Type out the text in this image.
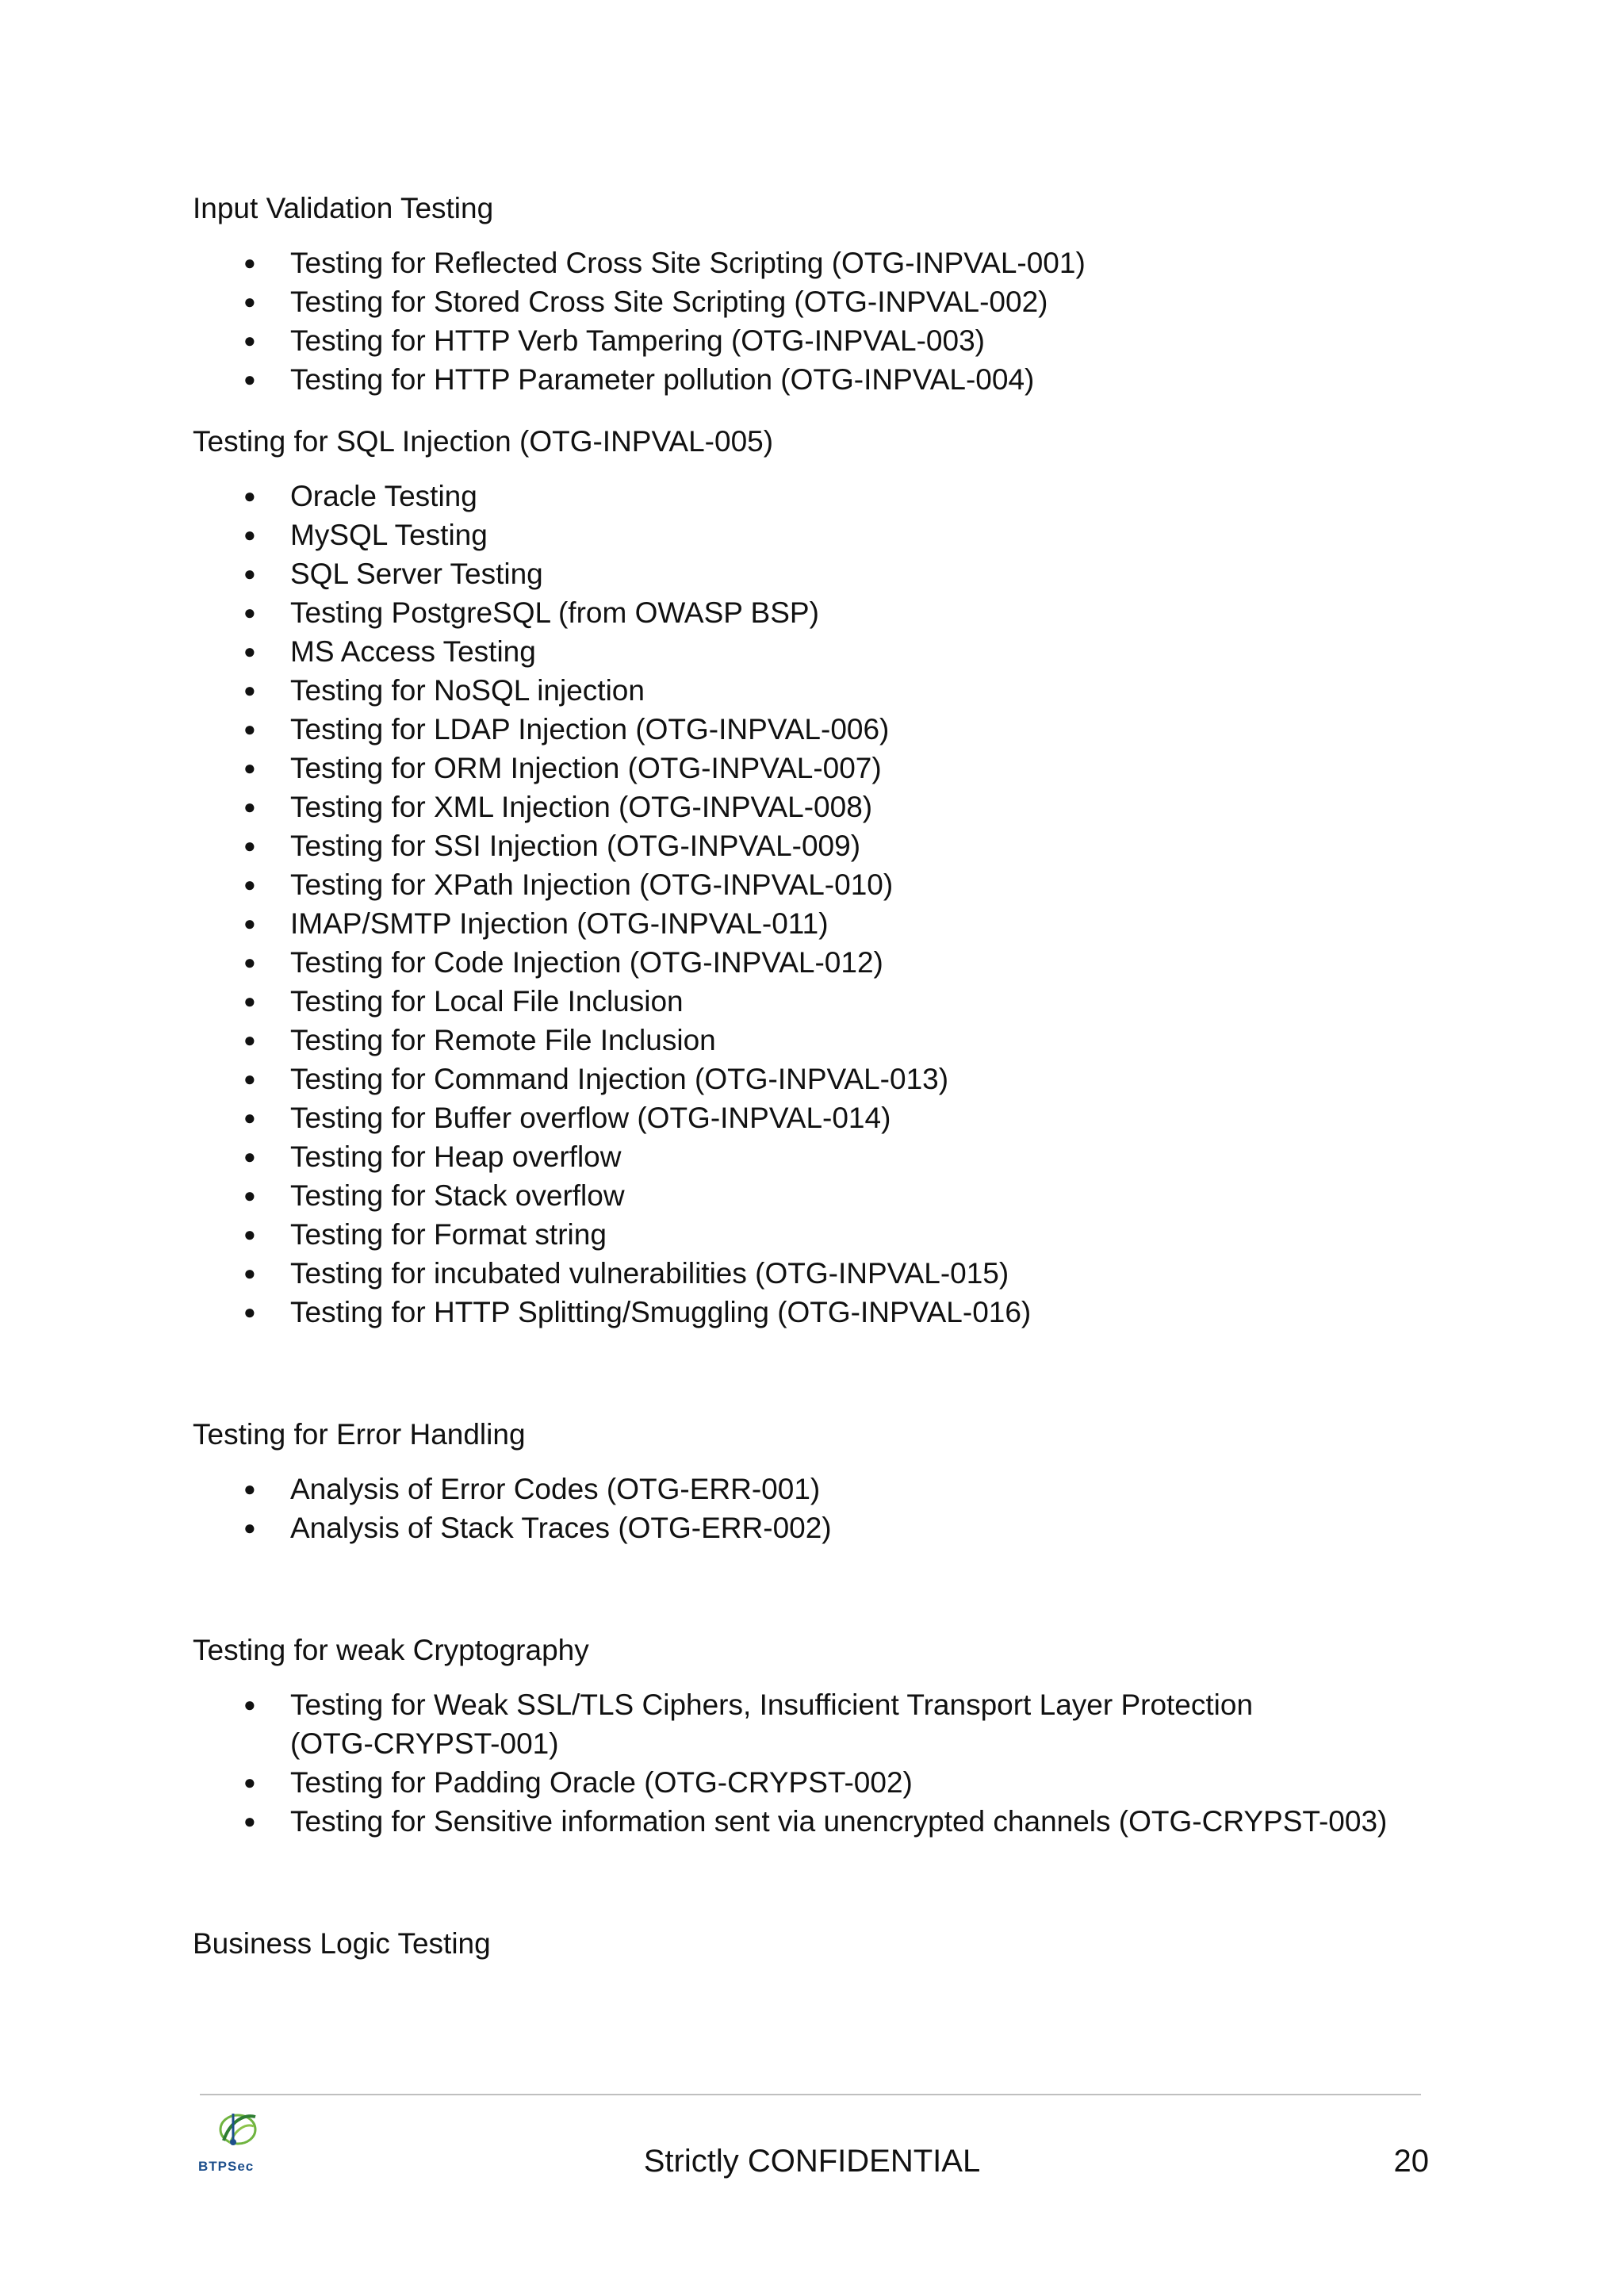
Input Validation Testing

● Testing for Reflected Cross Site Scripting (OTG-INPVAL-001)
● Testing for Stored Cross Site Scripting (OTG-INPVAL-002)
● Testing for HTTP Verb Tampering (OTG-INPVAL-003)
● Testing for HTTP Parameter pollution (OTG-INPVAL-004)

Testing for SQL Injection (OTG-INPVAL-005)

● Oracle Testing
● MySQL Testing
● SQL Server Testing
● Testing PostgreSQL (from OWASP BSP)
● MS Access Testing
● Testing for NoSQL injection
● Testing for LDAP Injection (OTG-INPVAL-006)
● Testing for ORM Injection (OTG-INPVAL-007)
● Testing for XML Injection (OTG-INPVAL-008)
● Testing for SSI Injection (OTG-INPVAL-009)
● Testing for XPath Injection (OTG-INPVAL-010)
● IMAP/SMTP Injection (OTG-INPVAL-011)
● Testing for Code Injection (OTG-INPVAL-012)
● Testing for Local File Inclusion
● Testing for Remote File Inclusion
● Testing for Command Injection (OTG-INPVAL-013)
● Testing for Buffer overflow (OTG-INPVAL-014)
● Testing for Heap overflow
● Testing for Stack overflow
● Testing for Format string
● Testing for incubated vulnerabilities (OTG-INPVAL-015)
● Testing for HTTP Splitting/Smuggling (OTG-INPVAL-016)

Testing for Error Handling

● Analysis of Error Codes (OTG-ERR-001)
● Analysis of Stack Traces (OTG-ERR-002)

Testing for weak Cryptography

● Testing for Weak SSL/TLS Ciphers, Insufficient Transport Layer Protection
(OTG-CRYPST-001)
● Testing for Padding Oracle (OTG-CRYPST-002)
● Testing for Sensitive information sent via unencrypted channels (OTG-CRYPST-003)

Business Logic Testing

BTPSec	Strictly CONFIDENTIAL	20
